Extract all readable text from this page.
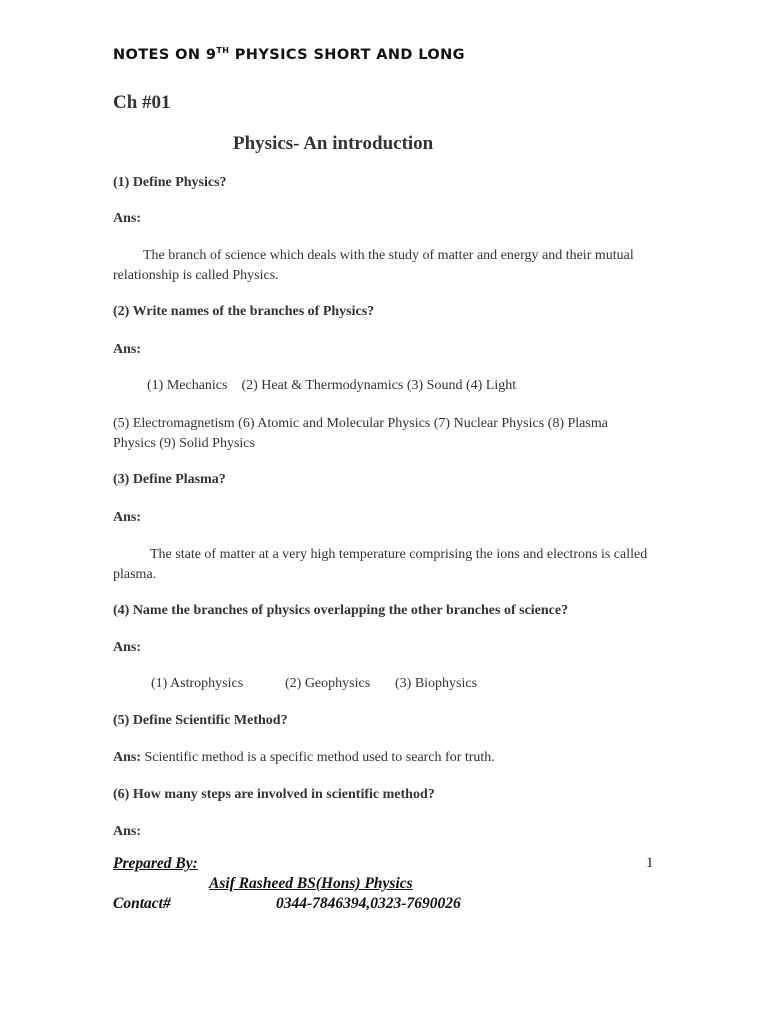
NOTES ON 9TH PHYSICS SHORT AND LONG
Ch #01
Physics- An introduction
(1) Define Physics?
Ans:
The branch of science which deals with the study of matter and energy and their mutual relationship is called Physics.
(2) Write names of the branches of Physics?
Ans:
(1) Mechanics    (2) Heat & Thermodynamics (3) Sound (4) Light
(5) Electromagnetism (6) Atomic and Molecular Physics (7) Nuclear Physics (8) Plasma Physics (9) Solid Physics
(3) Define Plasma?
Ans:
The state of matter at a very high temperature comprising the ions and electrons is called plasma.
(4) Name the branches of physics overlapping the other branches of science?
Ans:
(1) Astrophysics	(2) Geophysics (3) Biophysics
(5) Define Scientific Method?
Ans: Scientific method is a specific method used to search for truth.
(6) How many steps are involved in scientific method?
Ans:
Prepared By:	1
Asif Rasheed BS(Hons) Physics
Contact#	0344-7846394,0323-7690026
